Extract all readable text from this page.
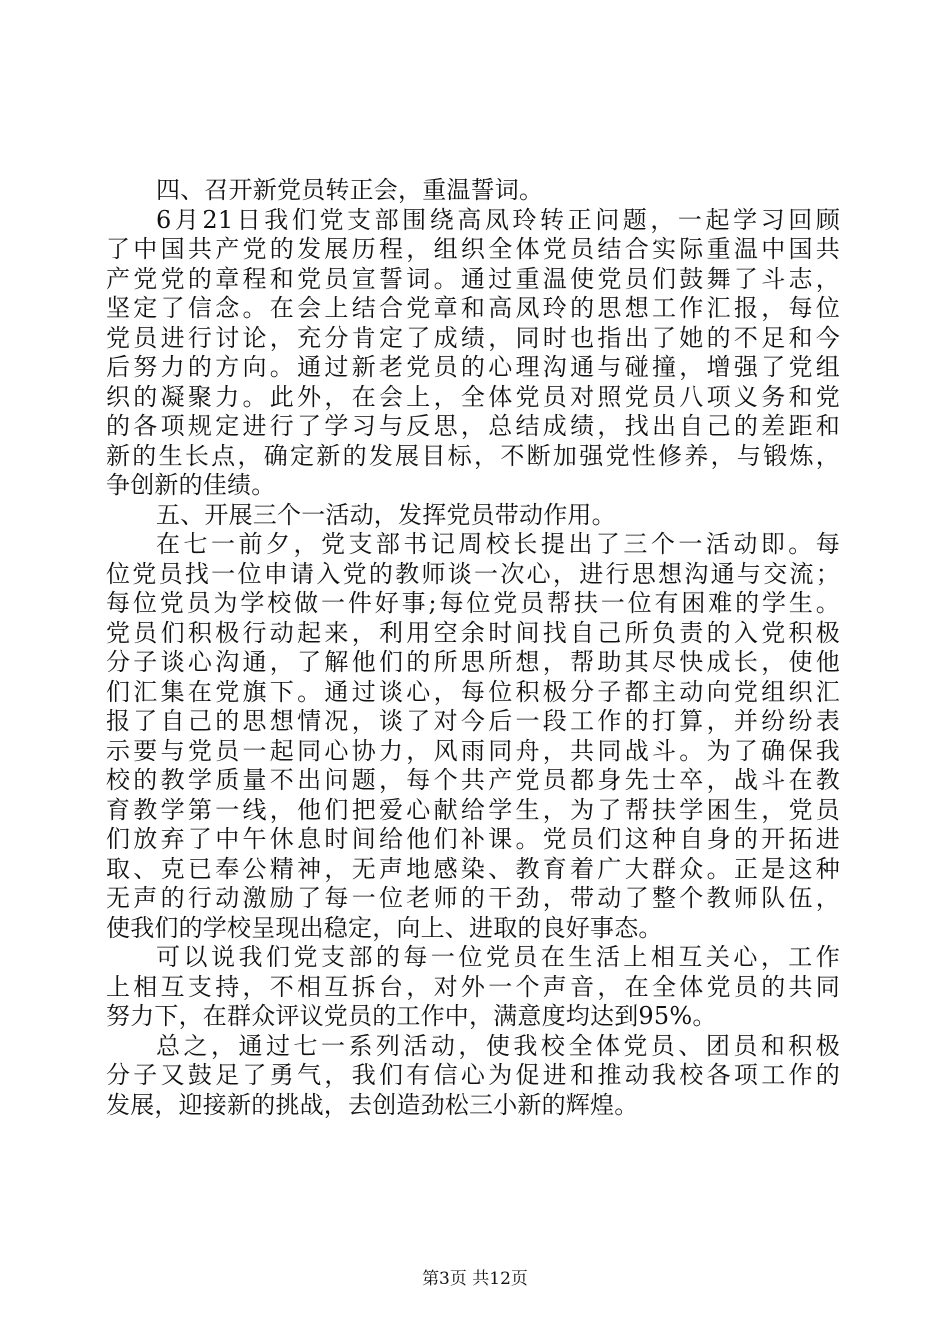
四、召开新党员转正会，重温誓词。
6月21日我们党支部围绕高凤玲转正问题，一起学习回顾
了中国共产党的发展历程，组织全体党员结合实际重温中国共
产党党的章程和党员宣誓词。通过重温使党员们鼓舞了斗志，
坚定了信念。在会上结合党章和高凤玲的思想工作汇报，每位
党员进行讨论，充分肯定了成绩，同时也指出了她的不足和今
后努力的方向。通过新老党员的心理沟通与碰撞，增强了党组
织的凝聚力。此外，在会上，全体党员对照党员八项义务和党
的各项规定进行了学习与反思，总结成绩，找出自己的差距和
新的生长点，确定新的发展目标，不断加强党性修养，与锻炼，
争创新的佳绩。
五、开展三个一活动，发挥党员带动作用。
在七一前夕，党支部书记周校长提出了三个一活动即。每
位党员找一位申请入党的教师谈一次心，进行思想沟通与交流；
每位党员为学校做一件好事;每位党员帮扶一位有困难的学生。
党员们积极行动起来，利用空余时间找自己所负责的入党积极
分子谈心沟通，了解他们的所思所想，帮助其尽快成长，使他
们汇集在党旗下。通过谈心，每位积极分子都主动向党组织汇
报了自己的思想情况，谈了对今后一段工作的打算，并纷纷表
示要与党员一起同心协力，风雨同舟，共同战斗。为了确保我
校的教学质量不出问题，每个共产党员都身先士卒，战斗在教
育教学第一线，他们把爱心献给学生，为了帮扶学困生，党员
们放弃了中午休息时间给他们补课。党员们这种自身的开拓进
取、克已奉公精神，无声地感染、教育着广大群众。正是这种
无声的行动激励了每一位老师的干劲，带动了整个教师队伍，
使我们的学校呈现出稳定，向上、进取的良好事态。
可以说我们党支部的每一位党员在生活上相互关心，工作
上相互支持，不相互拆台，对外一个声音，在全体党员的共同
努力下，在群众评议党员的工作中，满意度均达到95%。
总之，通过七一系列活动，使我校全体党员、团员和积极
分子又鼓足了勇气，我们有信心为促进和推动我校各项工作的
发展，迎接新的挑战，去创造劲松三小新的辉煌。
第3页 共12页
